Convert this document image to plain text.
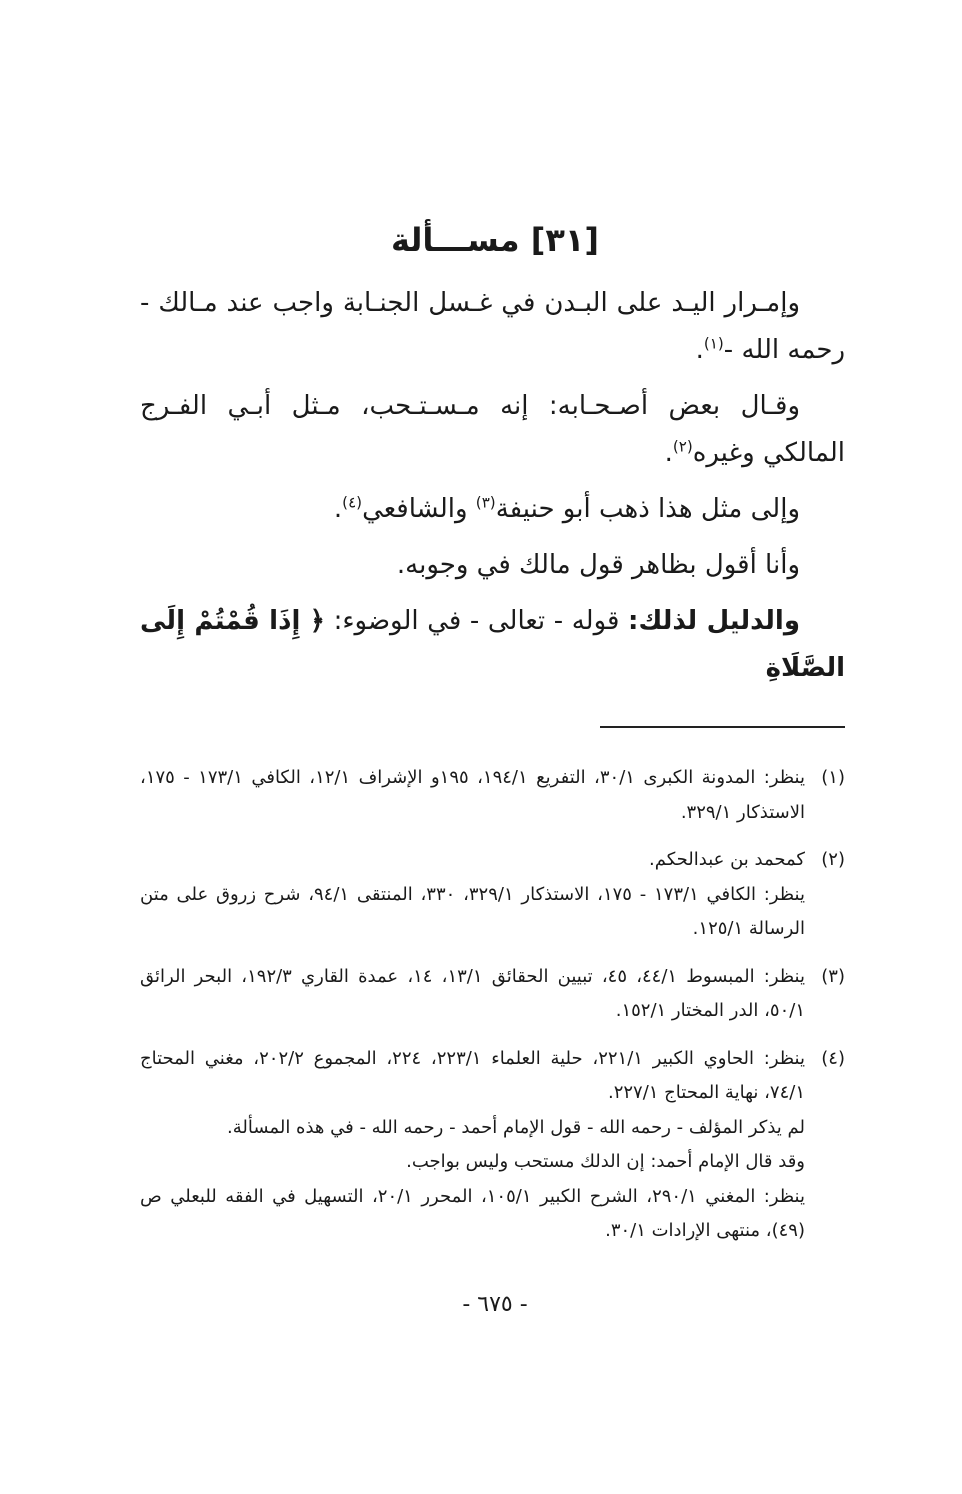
[٣١] مســـألة

وإمـرار اليـد على البـدن في غـسل الجنـابة واجب عند مـالك - رحمه الله -$^{(١)}$.

وقـال بعض أصـحـابه: إنه مـسـتـحب، مـثل أبـي الفـرج المالكي وغيره$^{(٢)}$.

وإلى مثل هذا ذهب أبو حنيفة$^{(٣)}$ والشافعي$^{(٤)}$.

وأنا أقول بظاهر قول مالك في وجوبه.

والدليل لذلك: قوله - تعالى - في الوضوء: ﴿ إِذَا قُمْتُمْ إِلَى الصَّلَاةِ

(١)

ينظر: المدونة الكبرى ٣٠/١، التفريع ١٩٤/١، ١٩٥و الإشراف ١٢/١، الكافي ١٧٣/١ - ١٧٥، الاستذكار ٣٢٩/١.

(٢)

كمحمد بن عبدالحكم.

ينظر: الكافي ١٧٣/١ - ١٧٥، الاستذكار ٣٢٩/١، ٣٣٠، المنتقى ٩٤/١، شرح زروق على متن الرسالة ١٢٥/١.

(٣)

ينظر: المبسوط ٤٤/١، ٤٥، تبيين الحقائق ١٣/١، ١٤، عمدة القاري ١٩٢/٣، البحر الرائق ٥٠/١، الدر المختار ١٥٢/١.

(٤)

ينظر: الحاوي الكبير ٢٢١/١، حلية العلماء ٢٢٣/١، ٢٢٤، المجموع ٢٠٢/٢، مغني المحتاج ٧٤/١، نهاية المحتاج ٢٢٧/١.

لم يذكر المؤلف - رحمه الله - قول الإمام أحمد - رحمه الله - في هذه المسألة.

وقد قال الإمام أحمد: إن الدلك مستحب وليس بواجب.

ينظر: المغني ٢٩٠/١، الشرح الكبير ١٠٥/١، المحرر ٢٠/١، التسهيل في الفقه للبعلي ص (٤٩)، منتهى الإرادات ٣٠/١.

- ٦٧٥ -
